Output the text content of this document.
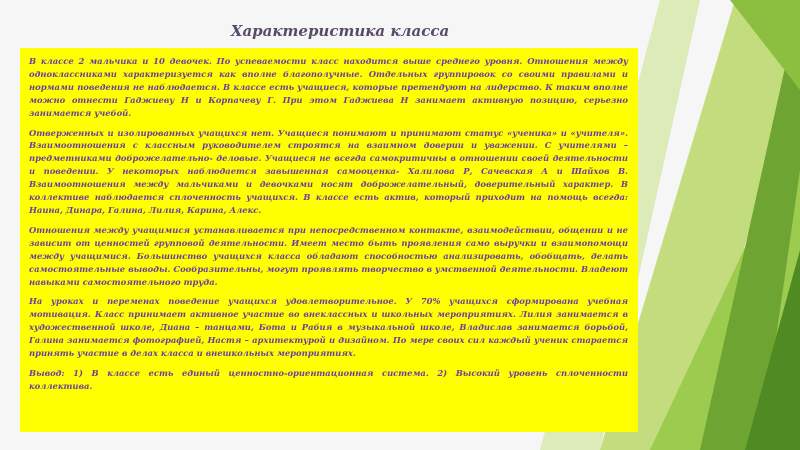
Характеристика класса

В классе 2 мальчика и 10 девочек. По успеваемости класс находится выше среднего уровня. Отношения между одноклассниками характеризуется как вполне благополучные. Отдельных группировок со своими правилами и нормами поведения не наблюдается. В классе есть учащиеся, которые претендуют на лидерство. К таким вполне можно отнести Гаджиеву Н и Корпачеву Г. При этом Гаджиева Н занимает активную позицию, серьезно занимается учебой.

Отверженных и изолированных учащихся нет. Учащиеся понимают и принимают статус «ученика» и «учителя». Взаимоотношения с классным руководителем строятся на взаимном доверии и уважении. С учителями – предметниками доброжелательно- деловые. Учащиеся не всегда самокритичны в отношении своей деятельности и поведении. У некоторых наблюдается завышенная самооценка- Халилова Р, Сачевская А и Шайхов В. Взаимоотношения между мальчиками и девочками носят доброжелательный, доверительный характер. В коллективе наблюдается сплоченность учащихся. В классе есть актив, который приходит на помощь всегда: Наина, Динара, Галина, Лилия, Карина, Алекс.

Отношения между учащимися устанавливается при непосредственном контакте, взаимодействии, общении и не зависит от ценностей групповой деятельности. Имеет место быть проявления само выручки и взаимопомощи между учащимися. Большинство учащихся класса обладают способностью анализировать, обобщать, делать самостоятельные выводы. Сообразительны, могут проявлять творчество в умственной деятельности. Владеют навыками самостоятельного труда.

На уроках и переменах поведение учащихся удовлетворительное. У 70% учащихся сформирована учебная мотивация. Класс принимает активное участие во внеклассных и школьных мероприятиях. Лилия занимается в художественной школе, Диана – танцами, Бота и Рабия в музыкальной школе, Владислав занимается борьбой, Галина занимается фотографией, Настя – архитектурой и дизайном. По мере своих сил каждый ученик старается принять участие в делах класса и внешкольных мероприятиях.

Вывод: 1) В классе есть единый ценностно-ориентационная система. 2) Высокий уровень сплоченности коллектива.
